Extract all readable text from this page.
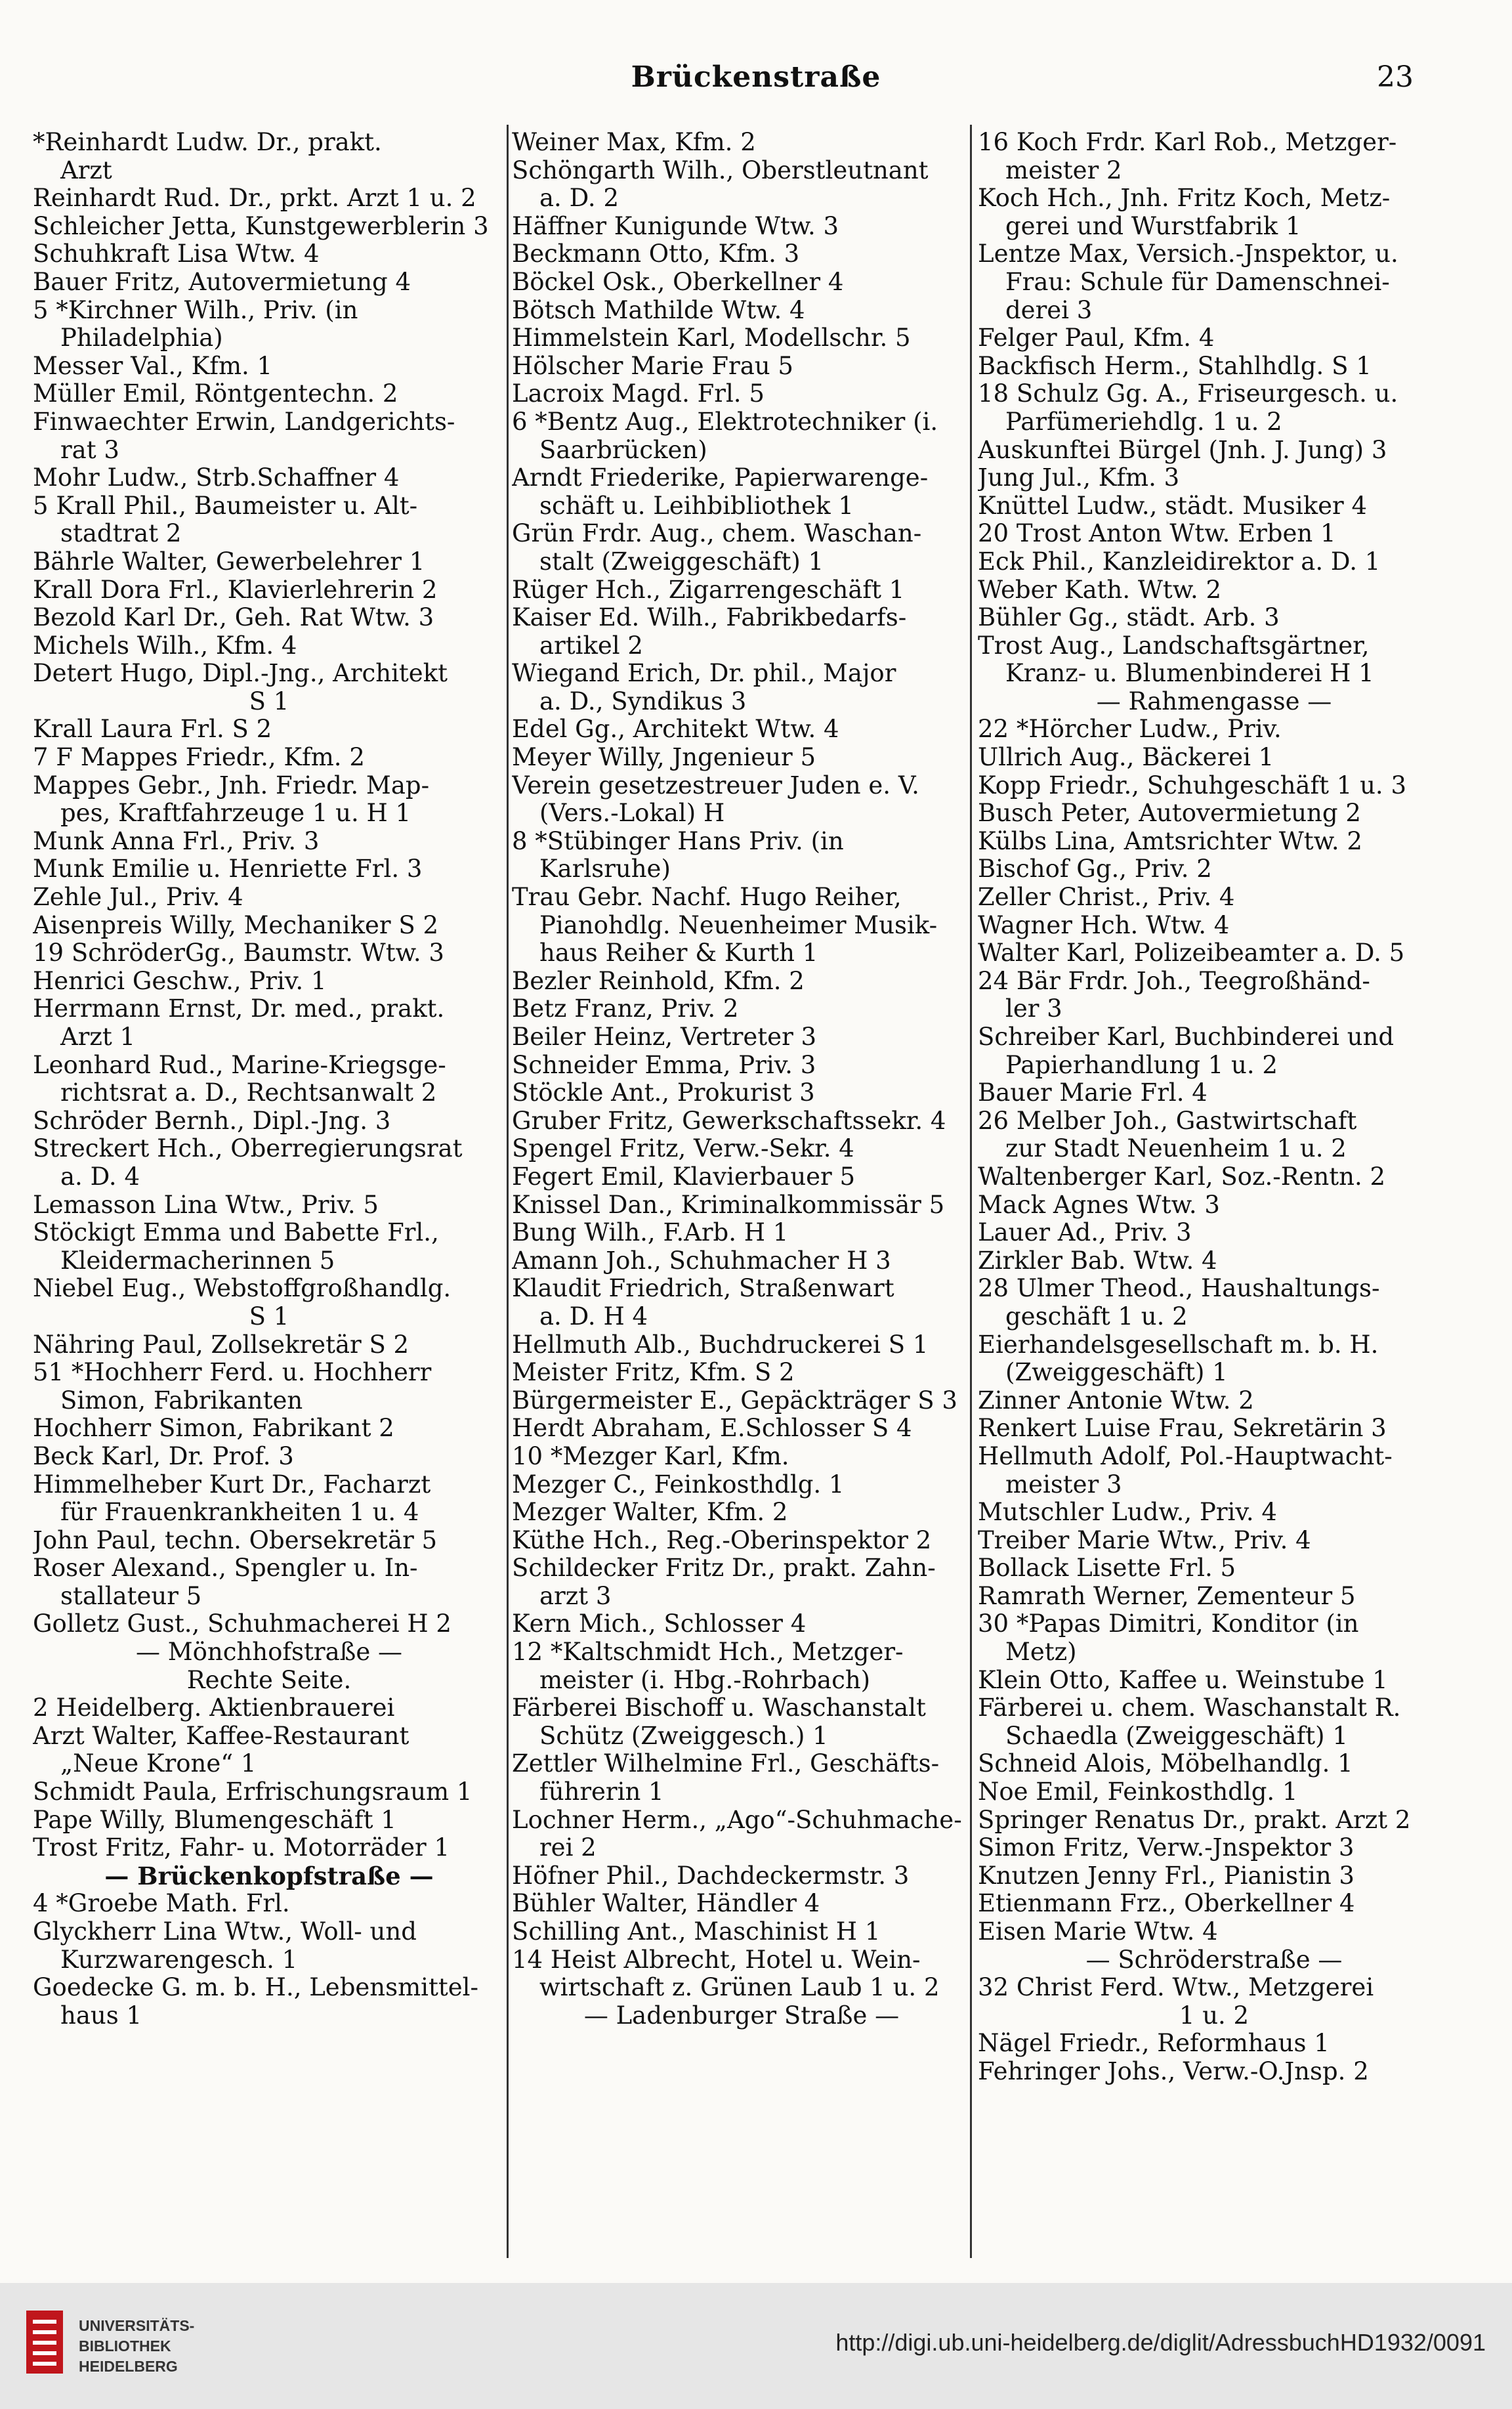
Brückenstraße	23
*Reinhardt Ludw. Dr., prakt.
Arzt
Reinhardt Rud. Dr., prkt. Arzt 1 u. 2
Schleicher Jetta, Kunstgewerblerin 3
Schuhkraft Lisa Wtw. 4
Bauer Fritz, Autovermietung 4
5 *Kirchner Wilh., Priv. (in
Philadelphia)
Messer Val., Kfm. 1
Müller Emil, Röntgentechn. 2
Finwaechter Erwin, Landgerichts-
rat 3
Mohr Ludw., Strb.Schaffner 4
5 Krall Phil., Baumeister u. Alt-
stadtrat 2
Bährle Walter, Gewerbelehrer 1
Krall Dora Frl., Klavierlehrerin 2
Bezold Karl Dr., Geh. Rat Wtw. 3
Michels Wilh., Kfm. 4
Detert Hugo, Dipl.-Jng., Architekt
S 1
Krall Laura Frl. S 2
7 F Mappes Friedr., Kfm. 2
Mappes Gebr., Jnh. Friedr. Map-
pes, Kraftfahrzeuge 1 u. H 1
Munk Anna Frl., Priv. 3
Munk Emilie u. Henriette Frl. 3
Zehle Jul., Priv. 4
Aisenpreis Willy, Mechaniker S 2
19 SchröderGg., Baumstr. Wtw. 3
Henrici Geschw., Priv. 1
Herrmann Ernst, Dr. med., prakt.
Arzt 1
Leonhard Rud., Marine-Kriegsge-
richtsrat a. D., Rechtsanwalt 2
Schröder Bernh., Dipl.-Jng. 3
Streckert Hch., Oberregierungsrat
a. D. 4
Lemasson Lina Wtw., Priv. 5
Stöckigt Emma und Babette Frl.,
Kleidermacherinnen 5
Niebel Eug., Webstoffgroßhandlg.
S 1
Nähring Paul, Zollsekretär S 2
51 *Hochherr Ferd. u. Hochherr
Simon, Fabrikanten
Hochherr Simon, Fabrikant 2
Beck Karl, Dr. Prof. 3
Himmelheber Kurt Dr., Facharzt
für Frauenkrankheiten 1 u. 4
John Paul, techn. Obersekretär 5
Roser Alexand., Spengler u. In-
stallateur 5
Golletz Gust., Schuhmacherei H 2
— Mönchhofstraße —
Rechte Seite.
2 Heidelberg. Aktienbrauerei
Arzt Walter, Kaffee-Restaurant
„Neue Krone“ 1
Schmidt Paula, Erfrischungsraum 1
Pape Willy, Blumengeschäft 1
Trost Fritz, Fahr- u. Motorräder 1
— Brückenkopfstraße —
4 *Groebe Math. Frl.
Glyckherr Lina Wtw., Woll- und
Kurzwarengesch. 1
Goedecke G. m. b. H., Lebensmittel-
haus 1
Weiner Max, Kfm. 2
Schöngarth Wilh., Oberstleutnant
a. D. 2
Häffner Kunigunde Wtw. 3
Beckmann Otto, Kfm. 3
Böckel Osk., Oberkellner 4
Bötsch Mathilde Wtw. 4
Himmelstein Karl, Modellschr. 5
Hölscher Marie Frau 5
Lacroix Magd. Frl. 5
6 *Bentz Aug., Elektrotechniker (i.
Saarbrücken)
Arndt Friederike, Papierwarenge-
schäft u. Leihbibliothek 1
Grün Frdr. Aug., chem. Waschan-
stalt (Zweiggeschäft) 1
Rüger Hch., Zigarrengeschäft 1
Kaiser Ed. Wilh., Fabrikbedarfs-
artikel 2
Wiegand Erich, Dr. phil., Major
a. D., Syndikus 3
Edel Gg., Architekt Wtw. 4
Meyer Willy, Jngenieur 5
Verein gesetzestreuer Juden e. V.
(Vers.-Lokal) H
8 *Stübinger Hans Priv. (in
Karlsruhe)
Trau Gebr. Nachf. Hugo Reiher,
Pianohdlg. Neuenheimer Musik-
haus Reiher & Kurth 1
Bezler Reinhold, Kfm. 2
Betz Franz, Priv. 2
Beiler Heinz, Vertreter 3
Schneider Emma, Priv. 3
Stöckle Ant., Prokurist 3
Gruber Fritz, Gewerkschaftssekr. 4
Spengel Fritz, Verw.-Sekr. 4
Fegert Emil, Klavierbauer 5
Knissel Dan., Kriminalkommissär 5
Bung Wilh., F.Arb. H 1
Amann Joh., Schuhmacher H 3
Klaudit Friedrich, Straßenwart
a. D. H 4
Hellmuth Alb., Buchdruckerei S 1
Meister Fritz, Kfm. S 2
Bürgermeister E., Gepäckträger S 3
Herdt Abraham, E.Schlosser S 4
10 *Mezger Karl, Kfm.
Mezger C., Feinkosthdlg. 1
Mezger Walter, Kfm. 2
Küthe Hch., Reg.-Oberinspektor 2
Schildecker Fritz Dr., prakt. Zahn-
arzt 3
Kern Mich., Schlosser 4
12 *Kaltschmidt Hch., Metzger-
meister (i. Hbg.-Rohrbach)
Färberei Bischoff u. Waschanstalt
Schütz (Zweiggesch.) 1
Zettler Wilhelmine Frl., Geschäfts-
führerin 1
Lochner Herm., „Ago“-Schuhmache-
rei 2
Höfner Phil., Dachdeckermstr. 3
Bühler Walter, Händler 4
Schilling Ant., Maschinist H 1
14 Heist Albrecht, Hotel u. Wein-
wirtschaft z. Grünen Laub 1 u. 2
— Ladenburger Straße —
16 Koch Frdr. Karl Rob., Metzger-
meister 2
Koch Hch., Jnh. Fritz Koch, Metz-
gerei und Wurstfabrik 1
Lentze Max, Versich.-Jnspektor, u.
Frau: Schule für Damenschnei-
derei 3
Felger Paul, Kfm. 4
Backfisch Herm., Stahlhdlg. S 1
18 Schulz Gg. A., Friseurgesch. u.
Parfümeriehdlg. 1 u. 2
Auskunftei Bürgel (Jnh. J. Jung) 3
Jung Jul., Kfm. 3
Knüttel Ludw., städt. Musiker 4
20 Trost Anton Wtw. Erben 1
Eck Phil., Kanzleidirektor a. D. 1
Weber Kath. Wtw. 2
Bühler Gg., städt. Arb. 3
Trost Aug., Landschaftsgärtner,
Kranz- u. Blumenbinderei H 1
— Rahmengasse —
22 *Hörcher Ludw., Priv.
Ullrich Aug., Bäckerei 1
Kopp Friedr., Schuhgeschäft 1 u. 3
Busch Peter, Autovermietung 2
Külbs Lina, Amtsrichter Wtw. 2
Bischof Gg., Priv. 2
Zeller Christ., Priv. 4
Wagner Hch. Wtw. 4
Walter Karl, Polizeibeamter a. D. 5
24 Bär Frdr. Joh., Teegroßhänd-
ler 3
Schreiber Karl, Buchbinderei und
Papierhandlung 1 u. 2
Bauer Marie Frl. 4
26 Melber Joh., Gastwirtschaft
zur Stadt Neuenheim 1 u. 2
Waltenberger Karl, Soz.-Rentn. 2
Mack Agnes Wtw. 3
Lauer Ad., Priv. 3
Zirkler Bab. Wtw. 4
28 Ulmer Theod., Haushaltungs-
geschäft 1 u. 2
Eierhandelsgesellschaft m. b. H.
(Zweiggeschäft) 1
Zinner Antonie Wtw. 2
Renkert Luise Frau, Sekretärin 3
Hellmuth Adolf, Pol.-Hauptwacht-
meister 3
Mutschler Ludw., Priv. 4
Treiber Marie Wtw., Priv. 4
Bollack Lisette Frl. 5
Ramrath Werner, Zementeur 5
30 *Papas Dimitri, Konditor (in
Metz)
Klein Otto, Kaffee u. Weinstube 1
Färberei u. chem. Waschanstalt R.
Schaedla (Zweiggeschäft) 1
Schneid Alois, Möbelhandlg. 1
Noe Emil, Feinkosthdlg. 1
Springer Renatus Dr., prakt. Arzt 2
Simon Fritz, Verw.-Jnspektor 3
Knutzen Jenny Frl., Pianistin 3
Etienmann Frz., Oberkellner 4
Eisen Marie Wtw. 4
— Schröderstraße —
32 Christ Ferd. Wtw., Metzgerei
1 u. 2
Nägel Friedr., Reformhaus 1
Fehringer Johs., Verw.-O.Jnsp. 2
UNIVERSITÄTS-
BIBLIOTHEK
HEIDELBERG
http://digi.ub.uni-heidelberg.de/diglit/AdressbuchHD1932/0091
